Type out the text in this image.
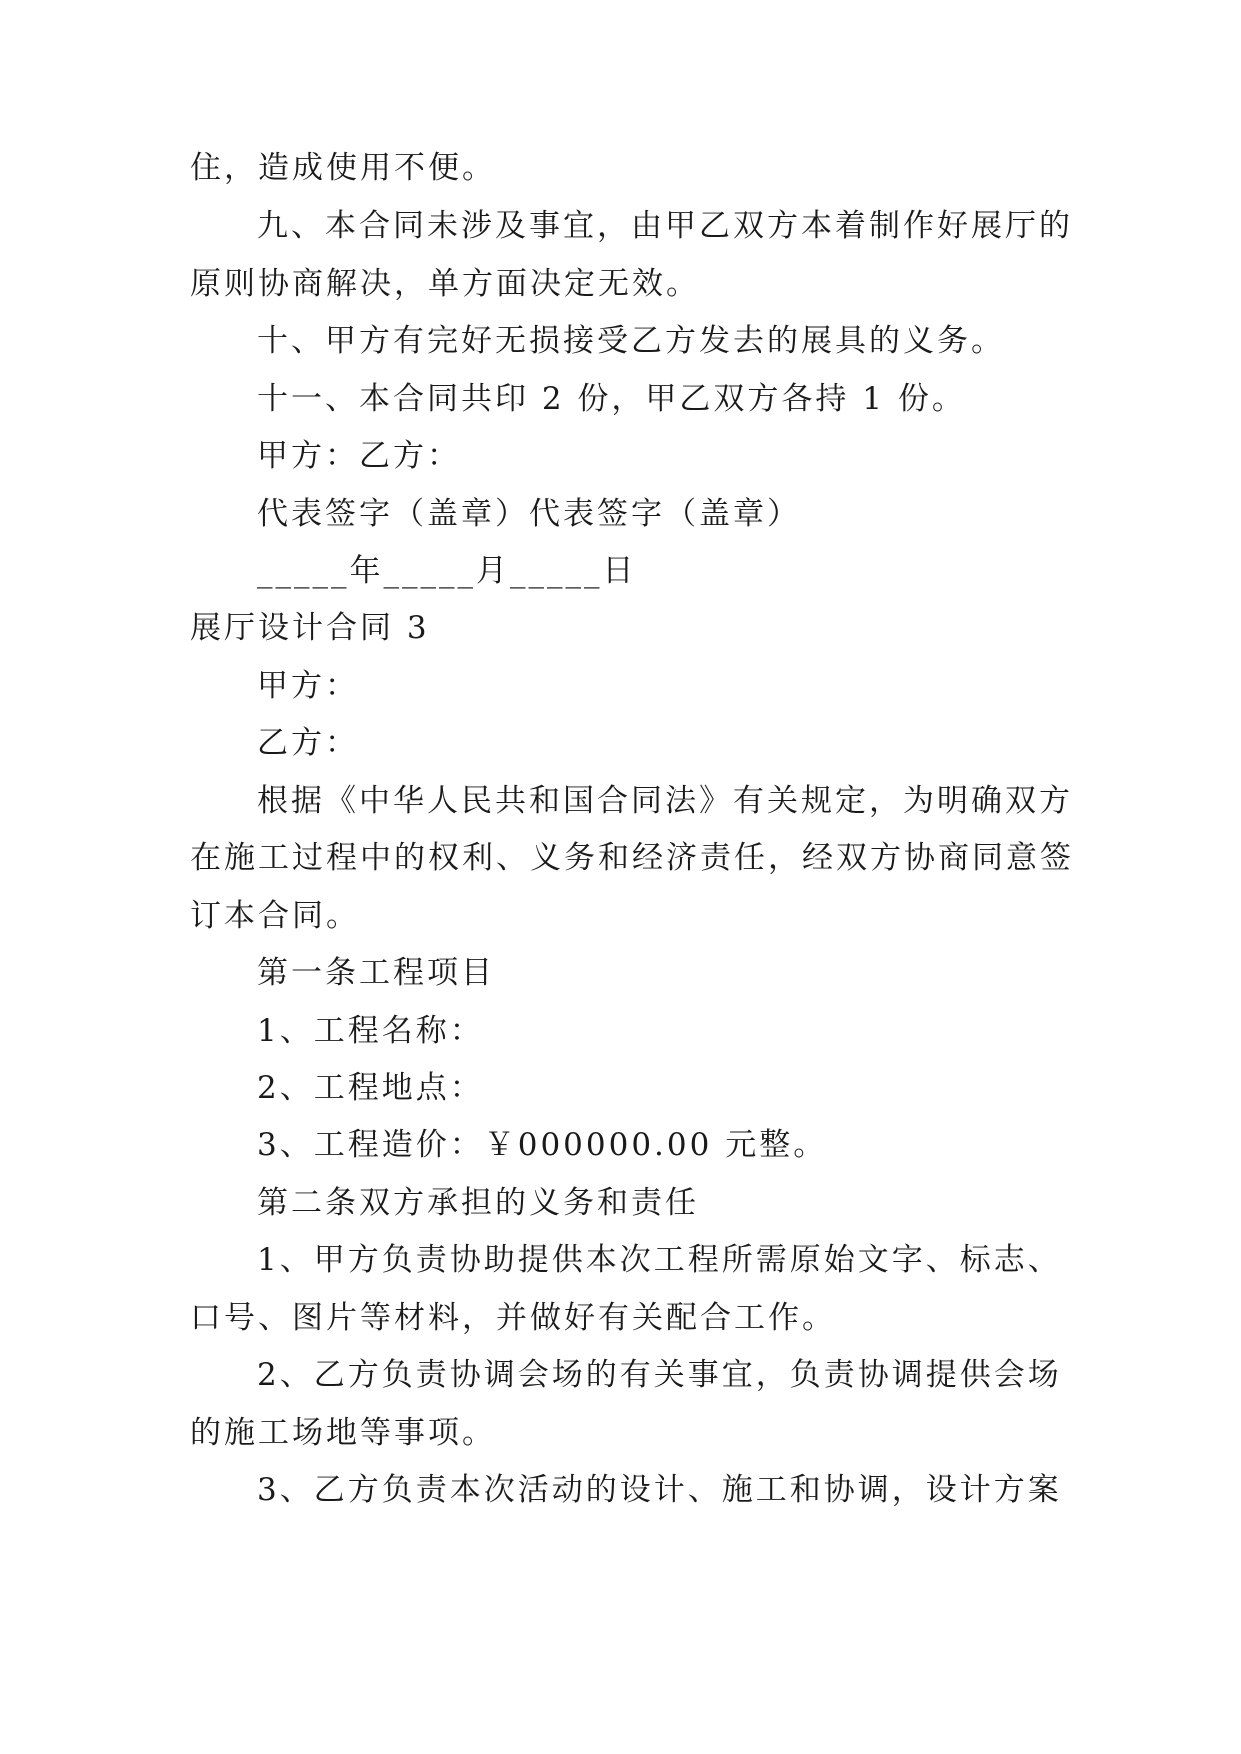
住，造成使用不便。
九、本合同未涉及事宜，由甲乙双方本着制作好展厅的
原则协商解决，单方面决定无效。
十、甲方有完好无损接受乙方发去的展具的义务。
十一、本合同共印 2 份，甲乙双方各持 1 份。
甲方：乙方：
代表签字（盖章）代表签字（盖章）
_____年_____月_____日
展厅设计合同 3
甲方：
乙方：
根据《中华人民共和国合同法》有关规定，为明确双方
在施工过程中的权利、义务和经济责任，经双方协商同意签
订本合同。
第一条工程项目
1、工程名称：
2、工程地点：
3、工程造价：￥000000.00 元整。
第二条双方承担的义务和责任
1、甲方负责协助提供本次工程所需原始文字、标志、
口号、图片等材料，并做好有关配合工作。
2、乙方负责协调会场的有关事宜，负责协调提供会场
的施工场地等事项。
3、乙方负责本次活动的设计、施工和协调，设计方案
